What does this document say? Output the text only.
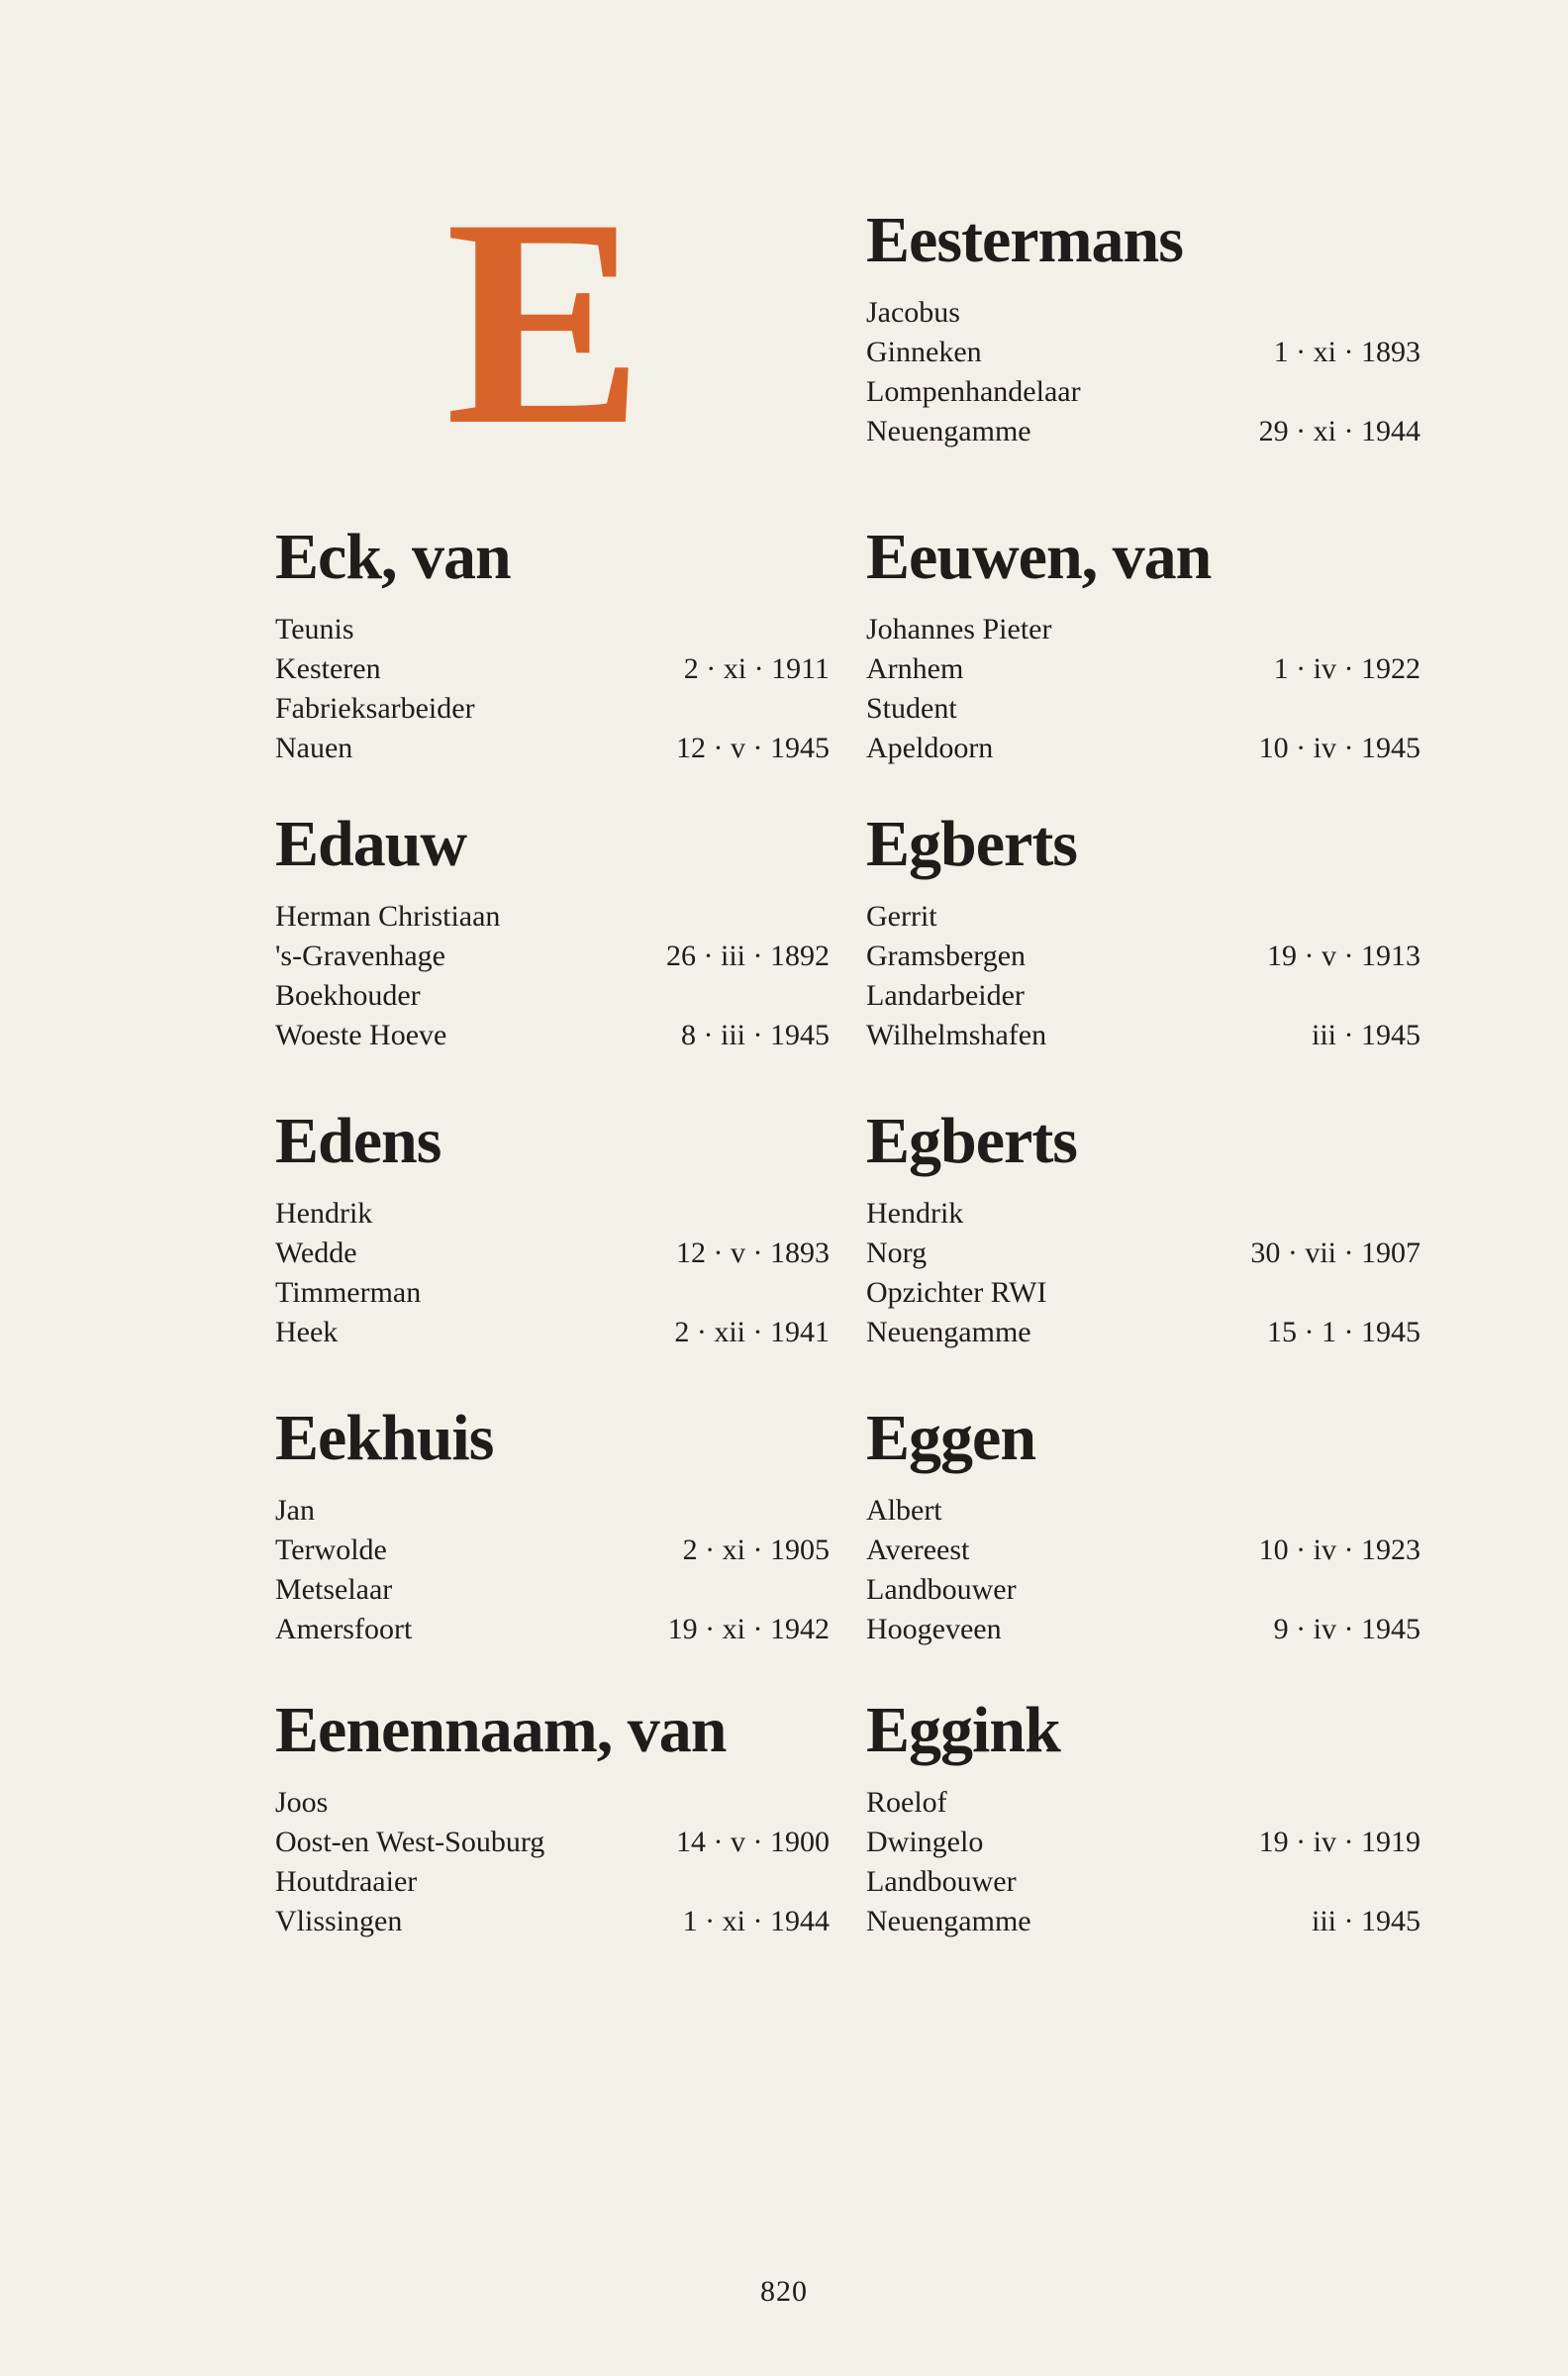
E	Eestermans
Jacobus
Ginneken	1 · xi · 1893
Lompenhandelaar
Neuengamme	29 · xi · 1944
Eck, van
Teunis
Kesteren	2 · xi · 1911
Fabrieksarbeider
Nauen	12 · v · 1945
Eeuwen, van
Johannes Pieter
Arnhem	1 · iv · 1922
Student
Apeldoorn	10 · iv · 1945
Edauw
Herman Christiaan
's-Gravenhage	26 · iii · 1892
Boekhouder
Woeste Hoeve	8 · iii · 1945
Egberts
Gerrit
Gramsbergen	19 · v · 1913
Landarbeider
Wilhelmshafen	iii · 1945
Edens
Hendrik
Wedde	12 · v · 1893
Timmerman
Heek	2 · xii · 1941
Egberts
Hendrik
Norg	30 · vii · 1907
Opzichter RWI
Neuengamme	15 · 1 · 1945
Eekhuis
Jan
Terwolde	2 · xi · 1905
Metselaar
Amersfoort	19 · xi · 1942
Eggen
Albert
Avereest	10 · iv · 1923
Landbouwer
Hoogeveen	9 · iv · 1945
Eenennaam, van
Joos
Oost-en West-Souburg	14 · v · 1900
Houtdraaier
Vlissingen	1 · xi · 1944
Eggink
Roelof
Dwingelo	19 · iv · 1919
Landbouwer
Neuengamme	iii · 1945
820
